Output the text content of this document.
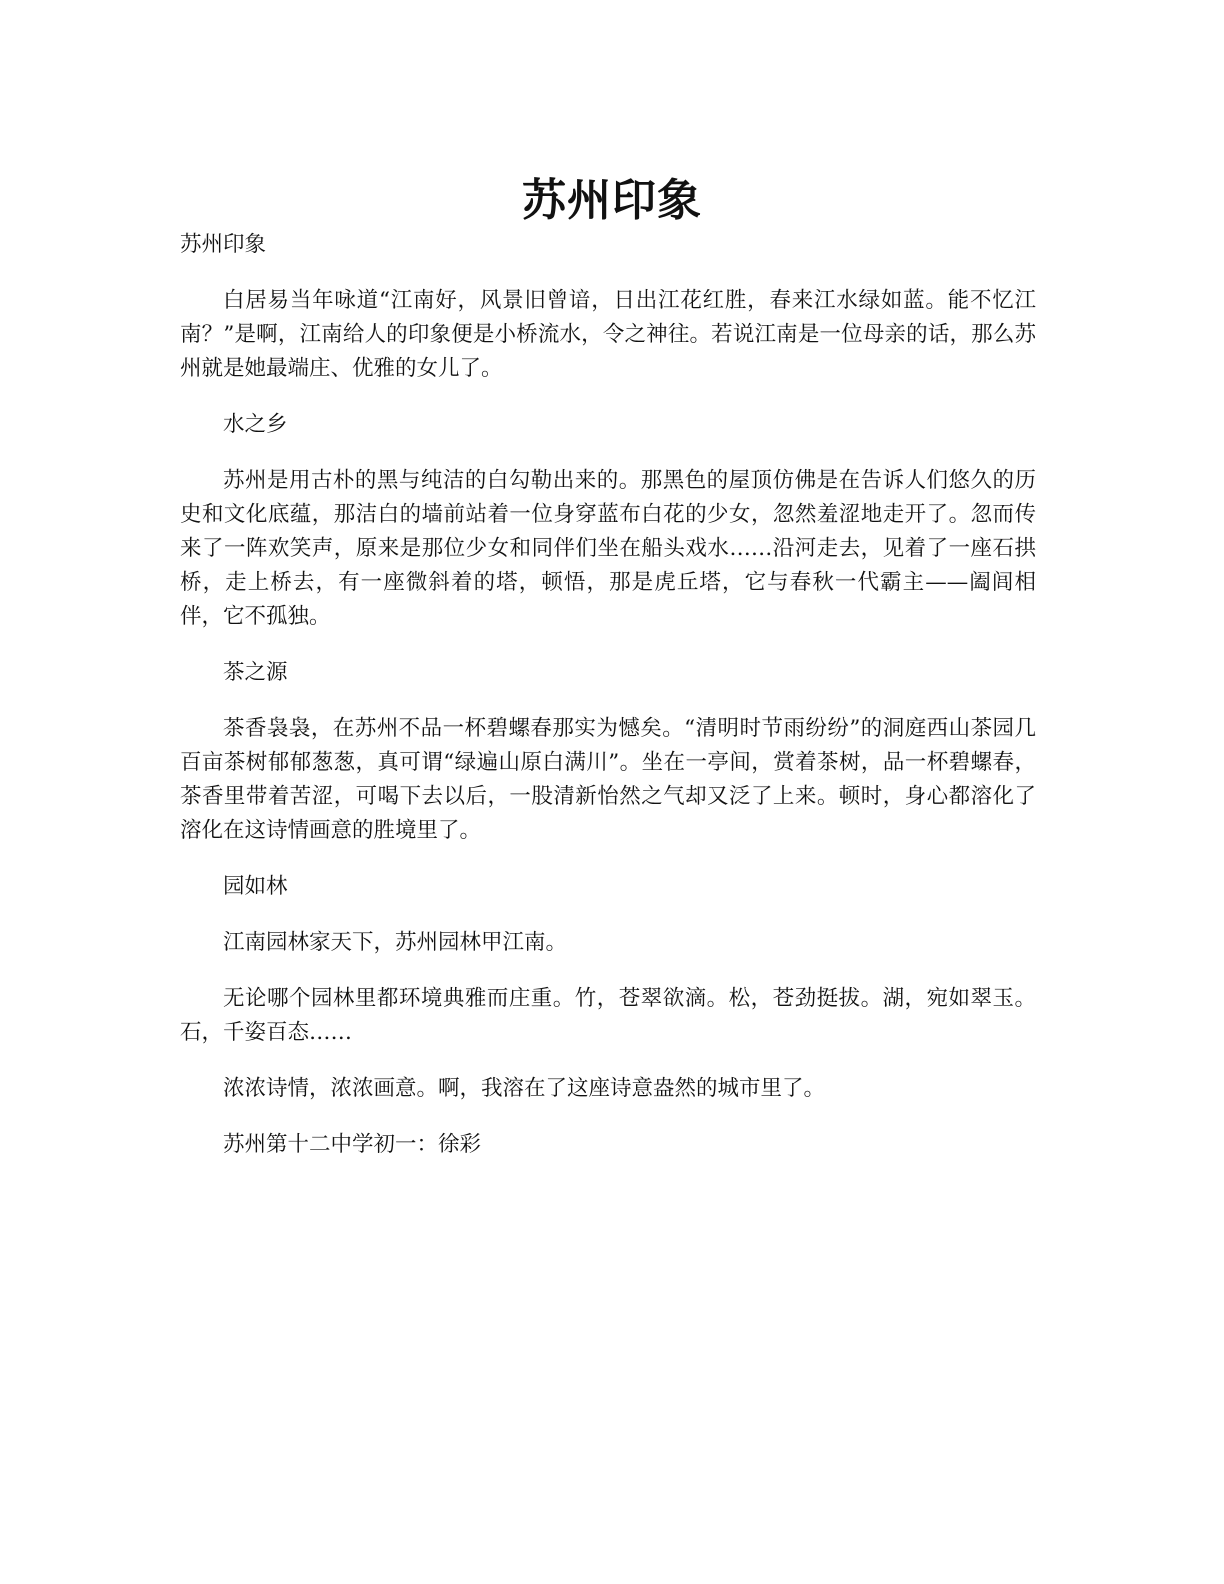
苏州印象

苏州印象

白居易当年咏道“江南好，风景旧曾谙，日出江花红胜，春来江水绿如蓝。能不忆江南？”是啊，江南给人的印象便是小桥流水，令之神往。若说江南是一位母亲的话，那么苏州就是她最端庄、优雅的女儿了。

水之乡

苏州是用古朴的黑与纯洁的白勾勒出来的。那黑色的屋顶仿佛是在告诉人们悠久的历史和文化底蕴，那洁白的墙前站着一位身穿蓝布白花的少女，忽然羞涩地走开了。忽而传来了一阵欢笑声，原来是那位少女和同伴们坐在船头戏水……沿河走去，见着了一座石拱桥，走上桥去，有一座微斜着的塔，顿悟，那是虎丘塔，它与春秋一代霸主——阖闾相伴，它不孤独。

茶之源

茶香袅袅，在苏州不品一杯碧螺春那实为憾矣。“清明时节雨纷纷”的洞庭西山茶园几百亩茶树郁郁葱葱，真可谓“绿遍山原白满川”。坐在一亭间，赏着茶树，品一杯碧螺春，茶香里带着苦涩，可喝下去以后，一股清新怡然之气却又泛了上来。顿时，身心都溶化了溶化在这诗情画意的胜境里了。

园如林

江南园林家天下，苏州园林甲江南。

无论哪个园林里都环境典雅而庄重。竹，苍翠欲滴。松，苍劲挺拔。湖，宛如翠玉。石，千姿百态……

浓浓诗情，浓浓画意。啊，我溶在了这座诗意盎然的城市里了。

苏州第十二中学初一：徐彩
